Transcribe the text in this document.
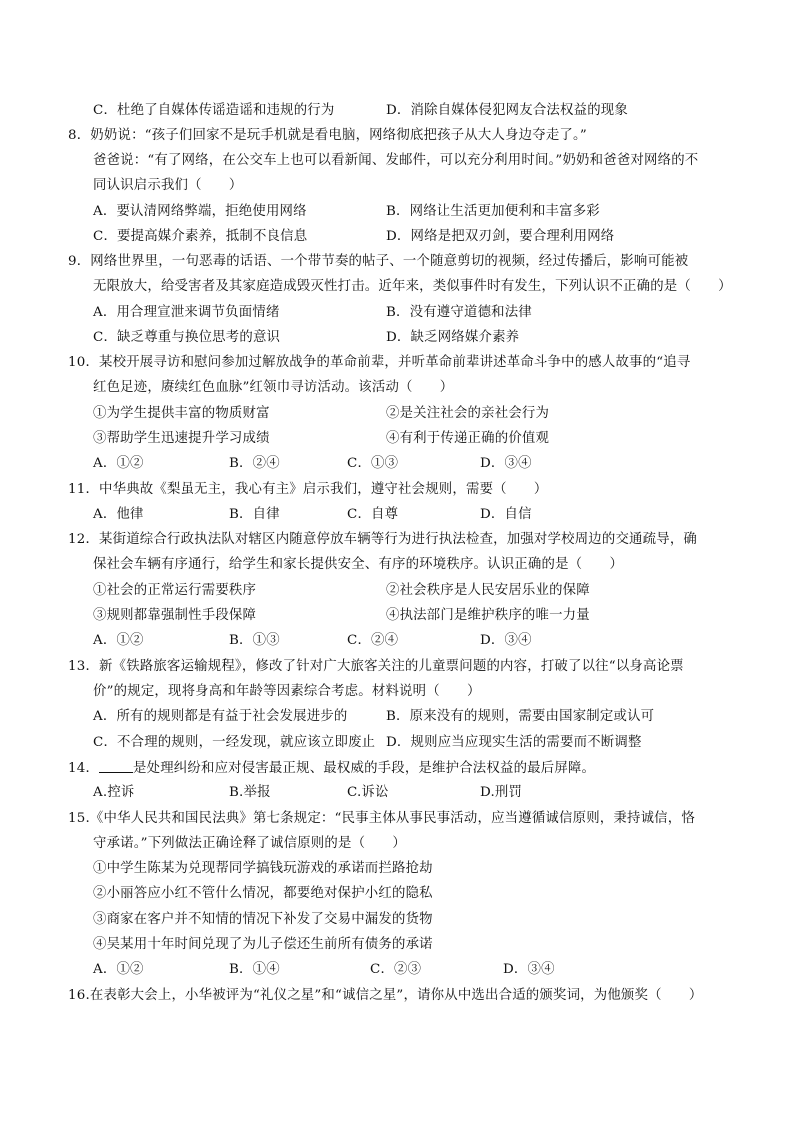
C．杜绝了自媒体传谣造谣和违规的行为	D．消除自媒体侵犯网友合法权益的现象
8．奶奶说：“孩子们回家不是玩手机就是看电脑，网络彻底把孩子从大人身边夺走了。”
爸爸说：“有了网络，在公交车上也可以看新闻、发邮件，可以充分利用时间。”奶奶和爸爸对网络的不
同认识启示我们（　　）
A．要认清网络弊端，拒绝使用网络	B．网络让生活更加便利和丰富多彩
C．要提高媒介素养，抵制不良信息	D．网络是把双刃剑，要合理利用网络
9．网络世界里，一句恶毒的话语、一个带节奏的帖子、一个随意剪切的视频，经过传播后，影响可能被
无限放大，给受害者及其家庭造成毁灭性打击。近年来，类似事件时有发生，下列认识不正确的是（　　）
A．用合理宣泄来调节负面情绪	B．没有遵守道德和法律
C．缺乏尊重与换位思考的意识	D．缺乏网络媒介素养
10．某校开展寻访和慰问参加过解放战争的革命前辈，并听革命前辈讲述革命斗争中的感人故事的“追寻
红色足迹，赓续红色血脉”红领巾寻访活动。该活动（　　）
①为学生提供丰富的物质财富	②是关注社会的亲社会行为
③帮助学生迅速提升学习成绩	④有利于传递正确的价值观
A．①②	B．②④	C．①③	D．③④
11．中华典故《梨虽无主，我心有主》启示我们，遵守社会规则，需要（　　）
A．他律	B．自律	C．自尊	D．自信
12．某街道综合行政执法队对辖区内随意停放车辆等行为进行执法检查，加强对学校周边的交通疏导，确
保社会车辆有序通行，给学生和家长提供安全、有序的环境秩序。认识正确的是（　　）
①社会的正常运行需要秩序	②社会秩序是人民安居乐业的保障
③规则都靠强制性手段保障	④执法部门是维护秩序的唯一力量
A．①②	B．①③	C．②④	D．③④
13．新《铁路旅客运输规程》，修改了针对广大旅客关注的儿童票问题的内容，打破了以往“以身高论票
价”的规定，现将身高和年龄等因素综合考虑。材料说明（　　）
A．所有的规则都是有益于社会发展进步的	B．原来没有的规则，需要由国家制定或认可
C．不合理的规则，一经发现，就应该立即废止 D．规则应当应现实生活的需要而不断调整
14．	是处理纠纷和应对侵害最正规、最权威的手段，是维护合法权益的最后屏障。
A.控诉	B.举报	C.诉讼	D.刑罚
15.《中华人民共和国民法典》第七条规定：“民事主体从事民事活动，应当遵循诚信原则，秉持诚信，恪
守承诺。”下列做法正确诠释了诚信原则的是（　　）
①中学生陈某为兑现帮同学搞钱玩游戏的承诺而拦路抢劫
②小丽答应小红不管什么情况，都要绝对保护小红的隐私
③商家在客户并不知情的情况下补发了交易中漏发的货物
④吴某用十年时间兑现了为儿子偿还生前所有债务的承诺
A．①②	B．①④	C．②③	D．③④
16.在表彰大会上，小华被评为“礼仪之星”和“诚信之星”，请你从中选出合适的颁奖词，为他颁奖（　　）
